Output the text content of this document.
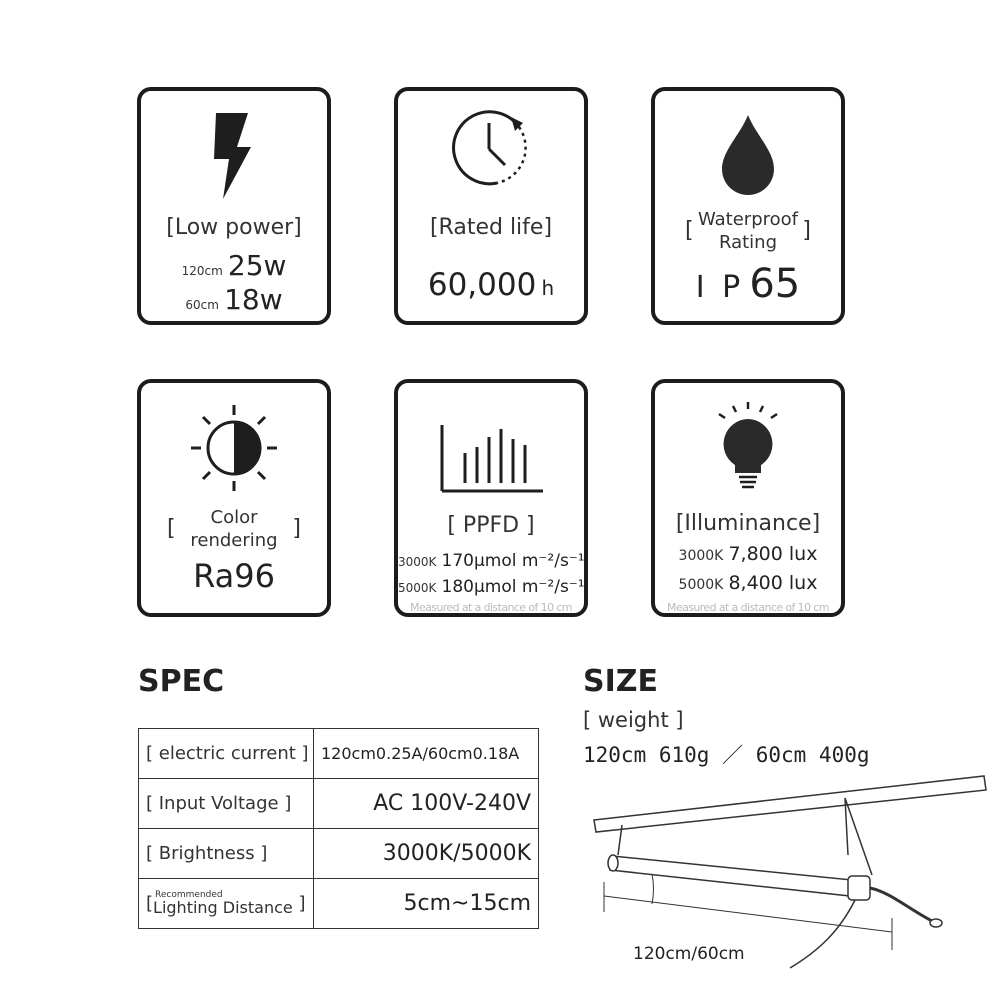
[Low power]
120cm 25w
60cm 18w
[Rated life]
60,000 h
[	]
Waterproof
Rating
I P 65
[	]
Color
rendering
Ra96
[ PPFD ]
3000K 170μmol m⁻²/s⁻¹
5000K 180μmol m⁻²/s⁻¹
Measured at a distance of 10 cm
[Illuminance]
3000K 7,800 lux
5000K 8,400 lux
Measured at a distance of 10 cm
SPEC
[ electric current ]	120cm0.25A/60cm0.18A
[ Input Voltage ]	AC 100V-240V
[ Brightness ]	3000K/5000K
[ Recommended
Lighting Distance ]	5cm~15cm
SIZE
[ weight ]
120cm 610g ／ 60cm 400g
120cm/60cm
